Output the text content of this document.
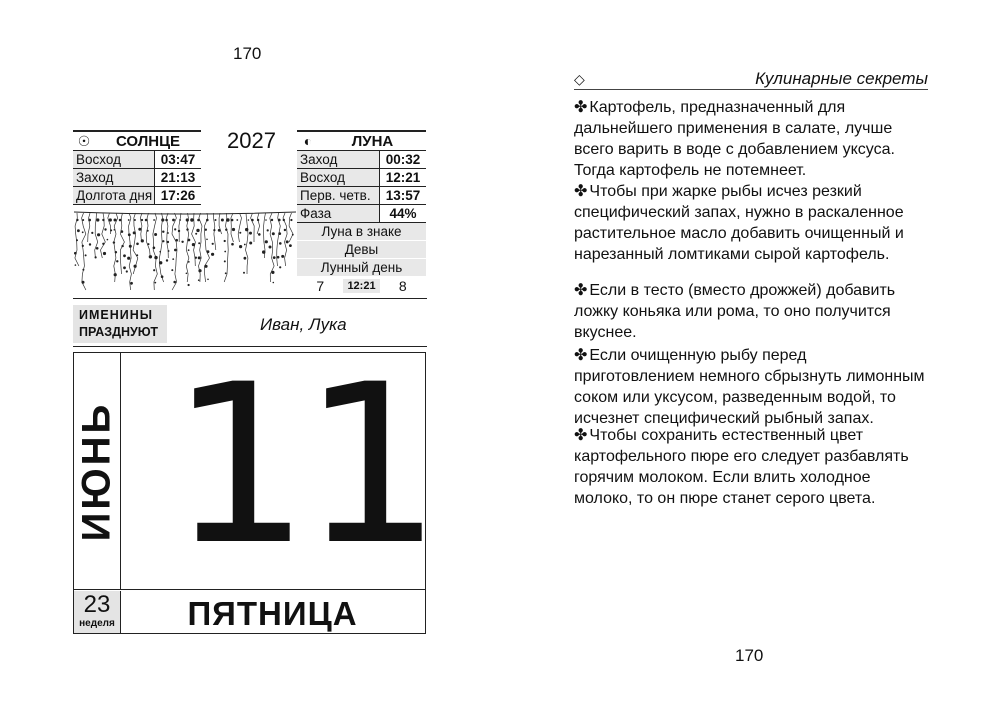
170
☉	СОЛНЦЕ
Восход	03:47
Заход	21:13
Долгота дня 17:26
2027	◐	ЛУНА
Заход	00:32
Восход	12:21
Перв. четв.	13:57
Фаза	44%
Луна в знаке
Девы
Лунный день
7	12:21	8
ИМЕНИНЫ
ПРАЗДНУЮТ	Иван, Лука
ИЮНЬ 11
23
неделя	ПЯТНИЦА
◇	Кулинарные секреты
✤ Картофель, предназначенный для дальнейшего применения в салате, лучше всего варить в воде с добавлением уксуса. Тогда картофель не потемнеет.
✤ Чтобы при жарке рыбы исчез резкий специфический запах, нужно в раскаленное растительное масло добавить очищенный и нарезанный ломтиками сырой картофель.
✤ Если в тесто (вместо дрожжей) добавить ложку коньяка или рома, то оно получится вкуснее.
✤ Если очищенную рыбу перед приготовлением немного сбрызнуть лимонным соком или уксусом, разведенным водой, то исчезнет специфический рыбный запах.
✤ Чтобы сохранить естественный цвет картофельного пюре его следует разбавлять горячим молоком. Если влить холодное молоко, то он пюре станет серого цвета.
170
